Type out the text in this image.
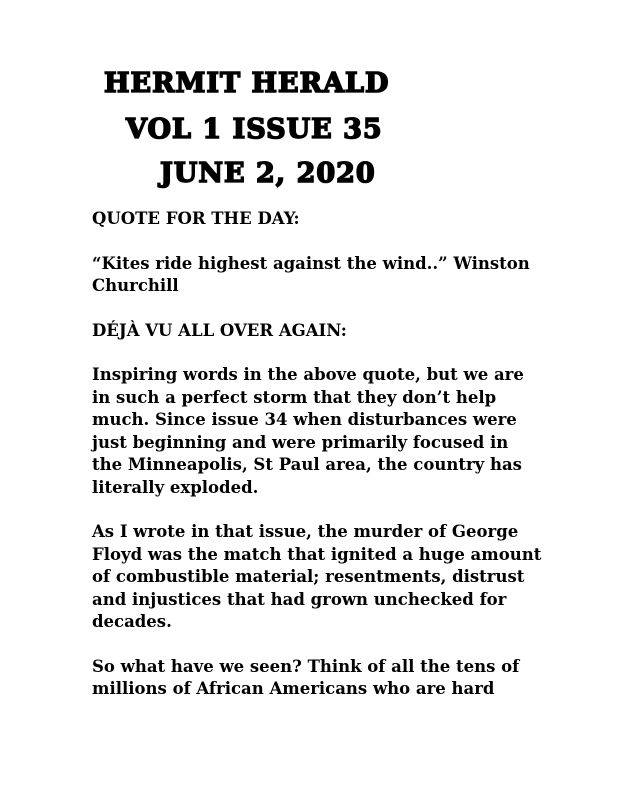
HERMIT HERALD
VOL 1 ISSUE 35
JUNE 2, 2020

QUOTE FOR THE DAY:

“Kites ride highest against the wind..” Winston Churchill

DÉJÀ VU ALL OVER AGAIN:

Inspiring words in the above quote, but we are in such a perfect storm that they don’t help much. Since issue 34 when disturbances were just beginning and were primarily focused in the Minneapolis, St Paul area, the country has literally exploded.

As I wrote in that issue, the murder of George Floyd was the match that ignited a huge amount of combustible material; resentments, distrust and injustices that had grown unchecked for decades.

So what have we seen? Think of all the tens of millions of African Americans who are hard
